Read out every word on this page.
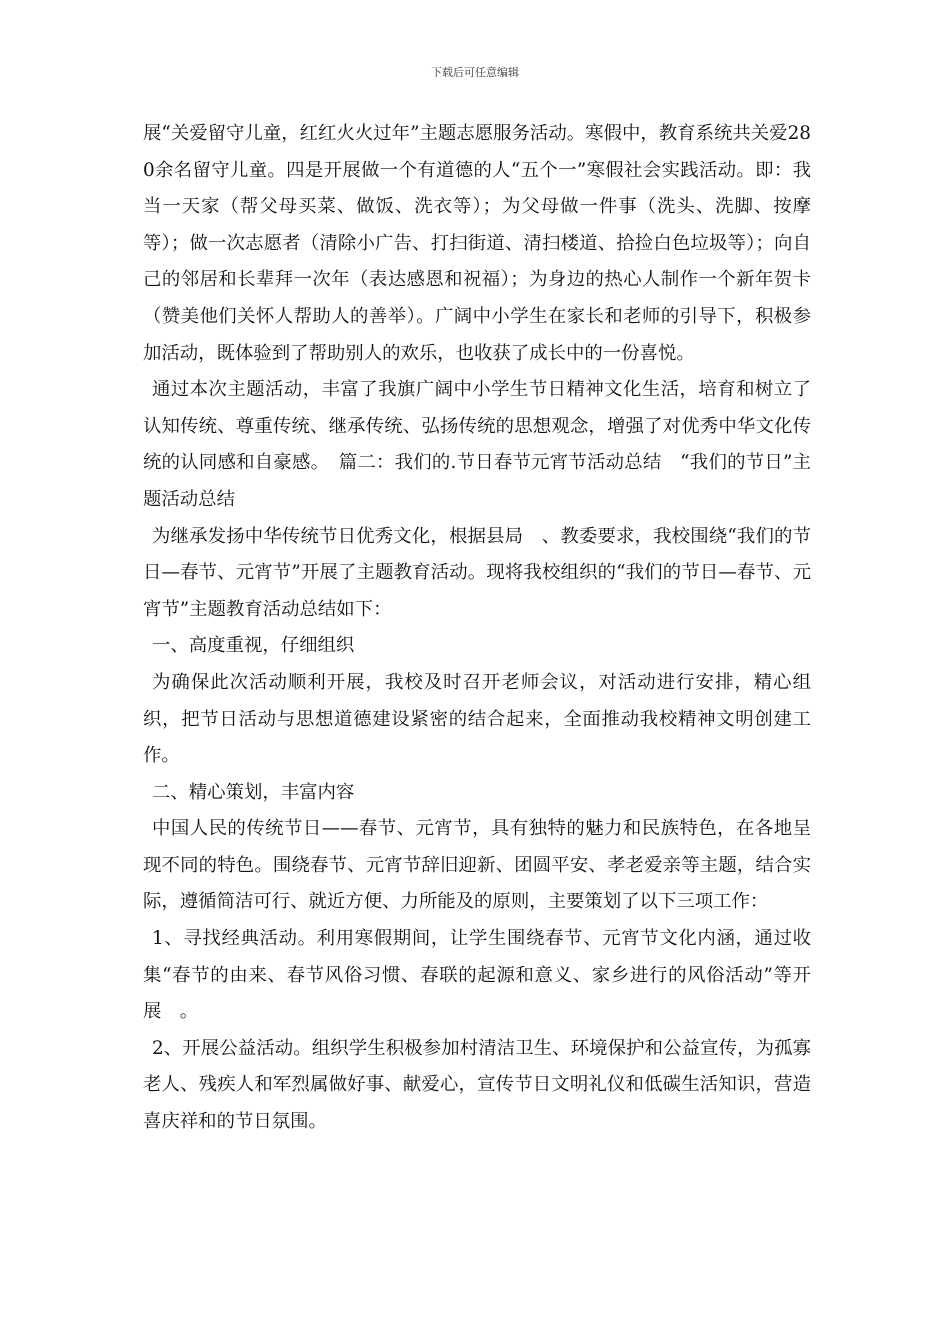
下载后可任意编辑

展“关爱留守儿童，红红火火过年”主题志愿服务活动。寒假中，教育系统共关爱280余名留守儿童。四是开展做一个有道德的人“五个一”寒假社会实践活动。即：我当一天家（帮父母买菜、做饭、洗衣等）；为父母做一件事（洗头、洗脚、按摩等）；做一次志愿者（清除小广告、打扫街道、清扫楼道、拾捡白色垃圾等）；向自己的邻居和长辈拜一次年（表达感恩和祝福）；为身边的热心人制作一个新年贺卡（赞美他们关怀人帮助人的善举）。广阔中小学生在家长和老师的引导下，积极参加活动，既体验到了帮助别人的欢乐，也收获了成长中的一份喜悦。

通过本次主题活动，丰富了我旗广阔中小学生节日精神文化生活，培育和树立了认知传统、尊重传统、继承传统、弘扬传统的思想观念，增强了对优秀中华文化传统的认同感和自豪感。　篇二：我们的.节日春节元宵节活动总结　“我们的节日”主题活动总结

为继承发扬中华传统节日优秀文化，根据县局　、教委要求，我校围绕“我们的节日—春节、元宵节”开展了主题教育活动。现将我校组织的“我们的节日—春节、元宵节”主题教育活动总结如下：

一、高度重视，仔细组织

为确保此次活动顺利开展，我校及时召开老师会议，对活动进行安排，精心组织，把节日活动与思想道德建设紧密的结合起来，全面推动我校精神文明创建工作。

二、精心策划，丰富内容

中国人民的传统节日——春节、元宵节，具有独特的魅力和民族特色，在各地呈现不同的特色。围绕春节、元宵节辞旧迎新、团圆平安、孝老爱亲等主题，结合实际，遵循简洁可行、就近方便、力所能及的原则，主要策划了以下三项工作：

1、寻找经典活动。利用寒假期间，让学生围绕春节、元宵节文化内涵，通过收集“春节的由来、春节风俗习惯、春联的起源和意义、家乡进行的风俗活动”等开展　。

2、开展公益活动。组织学生积极参加村清洁卫生、环境保护和公益宣传，为孤寡老人、残疾人和军烈属做好事、献爱心，宣传节日文明礼仪和低碳生活知识，营造喜庆祥和的节日氛围。
